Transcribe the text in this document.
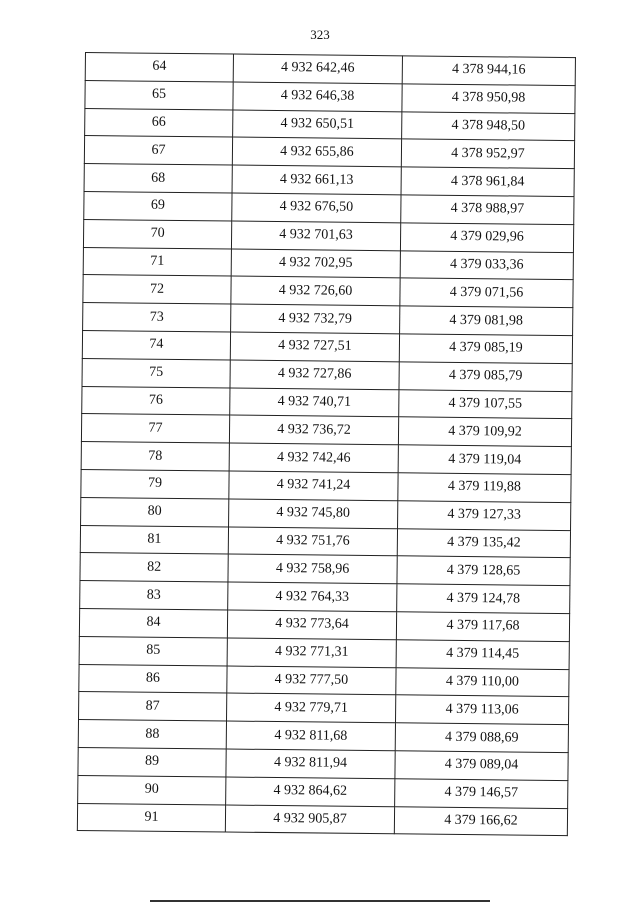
323
64	4 932 642,46	4 378 944,16
65	4 932 646,38	4 378 950,98
66	4 932 650,51	4 378 948,50
67	4 932 655,86	4 378 952,97
68	4 932 661,13	4 378 961,84
69	4 932 676,50	4 378 988,97
70	4 932 701,63	4 379 029,96
71	4 932 702,95	4 379 033,36
72	4 932 726,60	4 379 071,56
73	4 932 732,79	4 379 081,98
74	4 932 727,51	4 379 085,19
75	4 932 727,86	4 379 085,79
76	4 932 740,71	4 379 107,55
77	4 932 736,72	4 379 109,92
78	4 932 742,46	4 379 119,04
79	4 932 741,24	4 379 119,88
80	4 932 745,80	4 379 127,33
81	4 932 751,76	4 379 135,42
82	4 932 758,96	4 379 128,65
83	4 932 764,33	4 379 124,78
84	4 932 773,64	4 379 117,68
85	4 932 771,31	4 379 114,45
86	4 932 777,50	4 379 110,00
87	4 932 779,71	4 379 113,06
88	4 932 811,68	4 379 088,69
89	4 932 811,94	4 379 089,04
90	4 932 864,62	4 379 146,57
91	4 932 905,87	4 379 166,62
